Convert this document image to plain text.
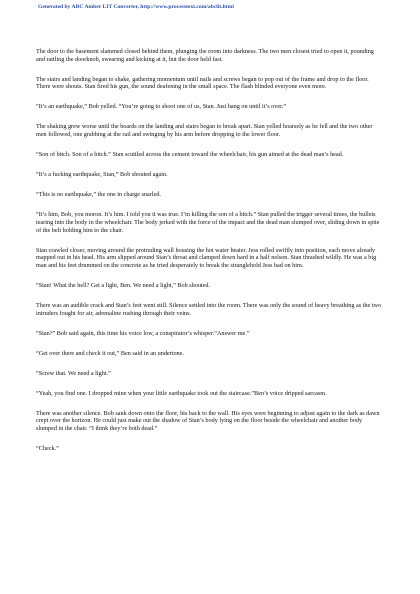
Generated by ABC Amber LIT Converter, http://www.processtext.com/abclit.html

The door to the basement slammed closed behind them, plunging the room into darkness. The two men closest tried to open it, pounding and rattling the doorknob, swearing and kicking at it, but the door held fast.

The stairs and landing began to shake, gathering momentum until nails and screws began to pop out of the frame and drop to the floor. There were shouts. Stan fired his gun, the sound deafening in the small space. The flash blinded everyone even more.

“It’s an earthquake,” Bob yelled. “You’re going to shoot one of us, Stan. Just hang on until it’s over.”

The shaking grew worse until the boards on the landing and stairs began to break apart. Stan yelled hoarsely as he fell and the two other men followed, one grabbing at the rail and swinging by his arm before dropping to the lower floor.

“Son of bitch. Son of a bitch.” Stan scuttled across the cement toward the wheelchair, his gun aimed at the dead man’s head.

“It’s a fucking earthquake, Stan,” Bob shouted again.

“This is no earthquake,” the one in charge snarled.

“It’s him, Bob, you moron. It’s him. I told you it was true. I’m killing the son of a bitch.” Stan pulled the trigger several times, the bullets tearing into the body in the wheelchair. The body jerked with the force of the impact and the dead man slumped over, sliding down in spite of the belt holding him to the chair.

Stan crawled closer, moving around the protruding wall housing the hot water heater. Jess rolled swiftly into position, each move already mapped out in his head. His arm slipped around Stan’s throat and clamped down hard in a half nelson. Stan thrashed wildly. He was a big man and his feet drummed on the concrete as he tried desperately to break the stranglehold Jess had on him.

“Stan! What the hell? Get a light, Ben. We need a light,” Bob shouted.

There was an audible crack and Stan’s feet went still. Silence settled into the room. There was only the sound of heavy breathing as the two intruders fought for air, adrenaline rushing through their veins.

“Stan?” Bob said again, this time his voice low, a conspirator’s whisper.“Answer me.”

“Get over there and check it out,” Ben said in an undertone.

“Screw that. We need a light.”

“Yeah, you find one. I dropped mine when your little earthquake took out the staircase.”Ben’s voice dripped sarcasm.

There was another silence. Bob sank down onto the floor, his back to the wall. His eyes were beginning to adjust again to the dark as dawn crept over the horizon. He could just make out the shadow of Stan’s body lying on the floor beside the wheelchair and another body slumped in the chair. “I think they’re both dead.”

“Check.”
